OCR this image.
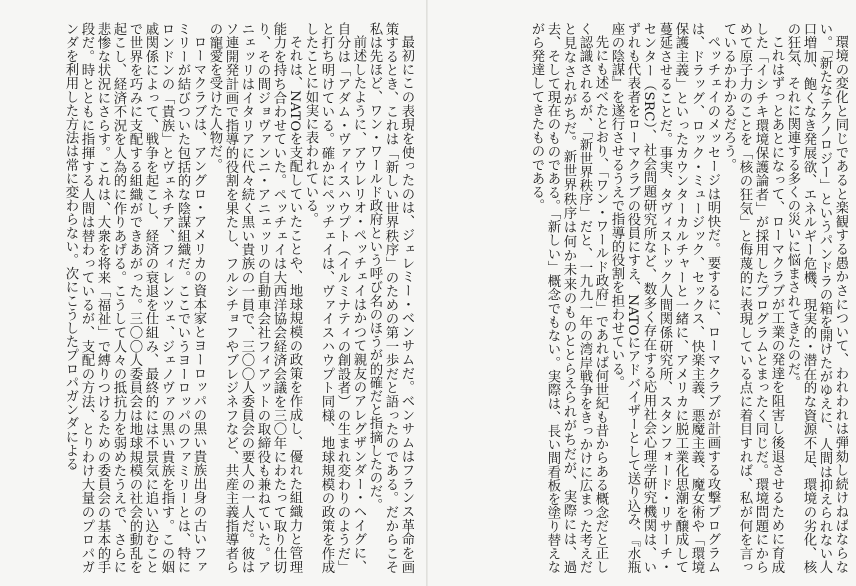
最初にこの表現を使ったのは、ジェレミー・ベンサムだ。ベンサムはフランス革命を画策するとき、これは「新しい世界秩序」のための第一歩だと語ったのである。だからこそ私は先ほど、ワン・ワールド政府という呼び名のほうが的確だと指摘したのだ。

前述したように、アウレリオ・ペッチェイはかつて親友のアレグザンダー・ヘイグに、自分は「アダム・ヴァイスハウプト（イルミナティの創設者）の生まれ変わりのようだ」と打ち明けている。確かにペッチェイは、ヴァイスハウプト同様、地球規模の政策を作成したことに如実に表われている。

それは、NATOを支配していたことや、地球規模の政策を作成し、優れた組織力と管理能力を持ち合わせていた。ペッチェイは大西洋協会経済会議を三〇年にわたって取り仕切り、その間ジョヴァンニ・アニェッリの自動車会社フィアットの取締役も兼ねていた。アニェッリはイタリアに代々続く黒い貴族の一員で、三〇〇人委員会の要人の一人だ。彼はソ連開発計画で指導的役割を果たし、フルシチョフやブレジネフなど、共産主義指導者らの寵愛を受けた人物だ。

ローマクラブは、アングロ・アメリカの資本家とヨーロッパの黒い貴族出身の古いファミリーが結びついた包括的な陰謀組織だ。ここでいうヨーロッパのファミリーとは、特にロンドンの「貴族」とヴェネチア、フィレンツェ、ジェノヴァの黒い貴族を指す。この姻戚関係によって、戦争を起こし、経済の衰退を仕組み、最終的には不景気に追い込むことで世界を巧みに支配する組織ができあがった。三〇〇人委員会は地球規模の社会的動乱を起こし、経済不況を人為的に作りあげる。こうして人々の抵抗力を弱めたうえで、さらに悲惨な状況にさらす。これは、大衆を将来「福祉」で縛りつけるための委員会の基本的手段だ。時とともに指揮する人間は替わっているが、支配の方法、とりわけ大量のプロパガンダを利用した方法は常に変わらない。次にこうしたプロパガンダによる	環境の変化と同じであると楽観する愚かさについて、われわれは弾劾し続けねばならない。「新たなテクノロジー」というパンドラの箱を開けたがゆえに、人間は抑えられない人口増加、飽くなき発展欲、エネルギー危機、現実的・潜在的な資源不足、環境の劣化、核の狂気、それに関連する多くの災いに悩まされてきたのだ。

これはずっとあとになって、ローマクラブが工業の発達を阻害し後退させるために育成した「イシチキ環境保護論者」が採用したプログラムとまったく同じだ。環境問題にからめて原子力のことを「核の狂気」と侮蔑的に表現している点に着目すれば、私が何を言っているかわかるだろう。

ペッチェイのメッセージは明快だ。要するに、ローマクラブが計画する攻撃プログラムは、ドラッグ、ロック・ミュージック、セックス、快楽主義、悪魔主義、魔女術や「環境保護主義」といったカウンターカルチャーと一緒に、アメリカに脱工業化思潮を醸成して蔓延させることだ。事実、タヴィストック人間関係研究所、スタンフォード・リサーチ・センター（SRC）、社会問題研究所など、数多く存在する応用社会心理学研究機関は、いずれも代表者をローマクラブの役員にすえ、NATOにアドバイザーとして送り込み、『水瓶座の陰謀』を遂行させるうえで指導的役割を担わせている。

先にも述べたとおり、「ワン・ワールド政府」であれば何世紀も昔からある概念だと正しく認識されるが、「新世界秩序」だと、一九九一年の湾岸戦争をきっかけに広まった考えだと見なされがちだ。新世界秩序は何か未来のものととらえられがちだが、実際には、過去、そして現在のものである。「新しい」概念でもない。実際は、長い間看板を塗り替えながら発達してきたものである。
